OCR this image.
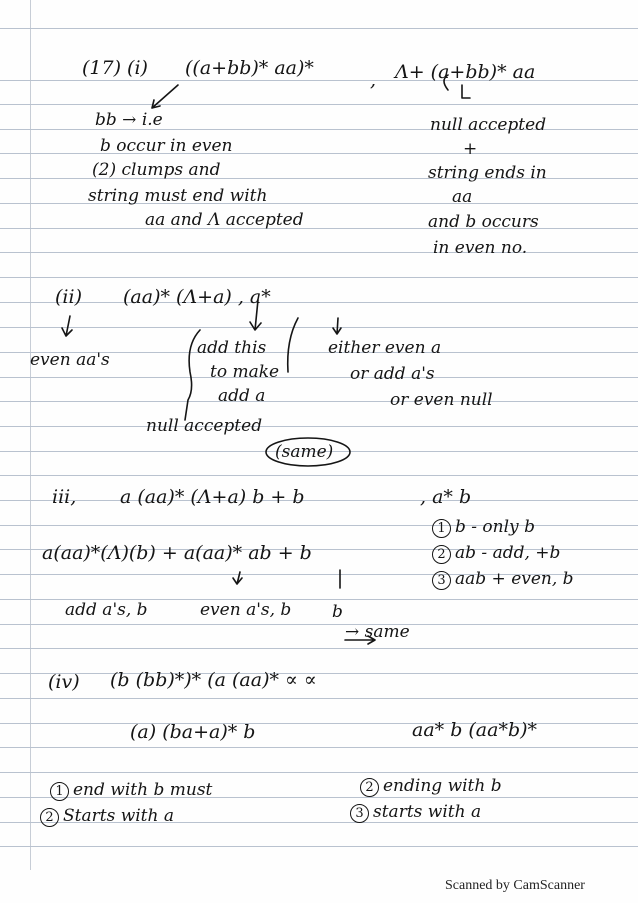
(17) (i) ((a+bb)* aa)*
, Λ+ (a+bb)* aa
bb → i.e
b occur in even
(2) clumps and
string must end with
aa and Λ accepted
null accepted
+
string ends in
aa
and b occurs
in even no.
(ii) (aa)* (Λ+a) , a*
even aa's
add this
to make
add a
either even a
or add a's
or even null
null accepted
(same)
iii, a (aa)* (Λ+a) b + b	, a* b
1 b - only b
2 ab - add, +b
3 aab + even, b
a(aa)*(Λ)(b) + a(aa)* ab + b
add a's, b	even a's, b b
→ same
(iv) (b (bb)*)* (a (aa)* ∝ ∝
(a) (ba+a)* b	aa* b (aa*b)*
1 end with b must
2 Starts with a
2 ending with b
3 starts with a
Scanned by CamScanner
